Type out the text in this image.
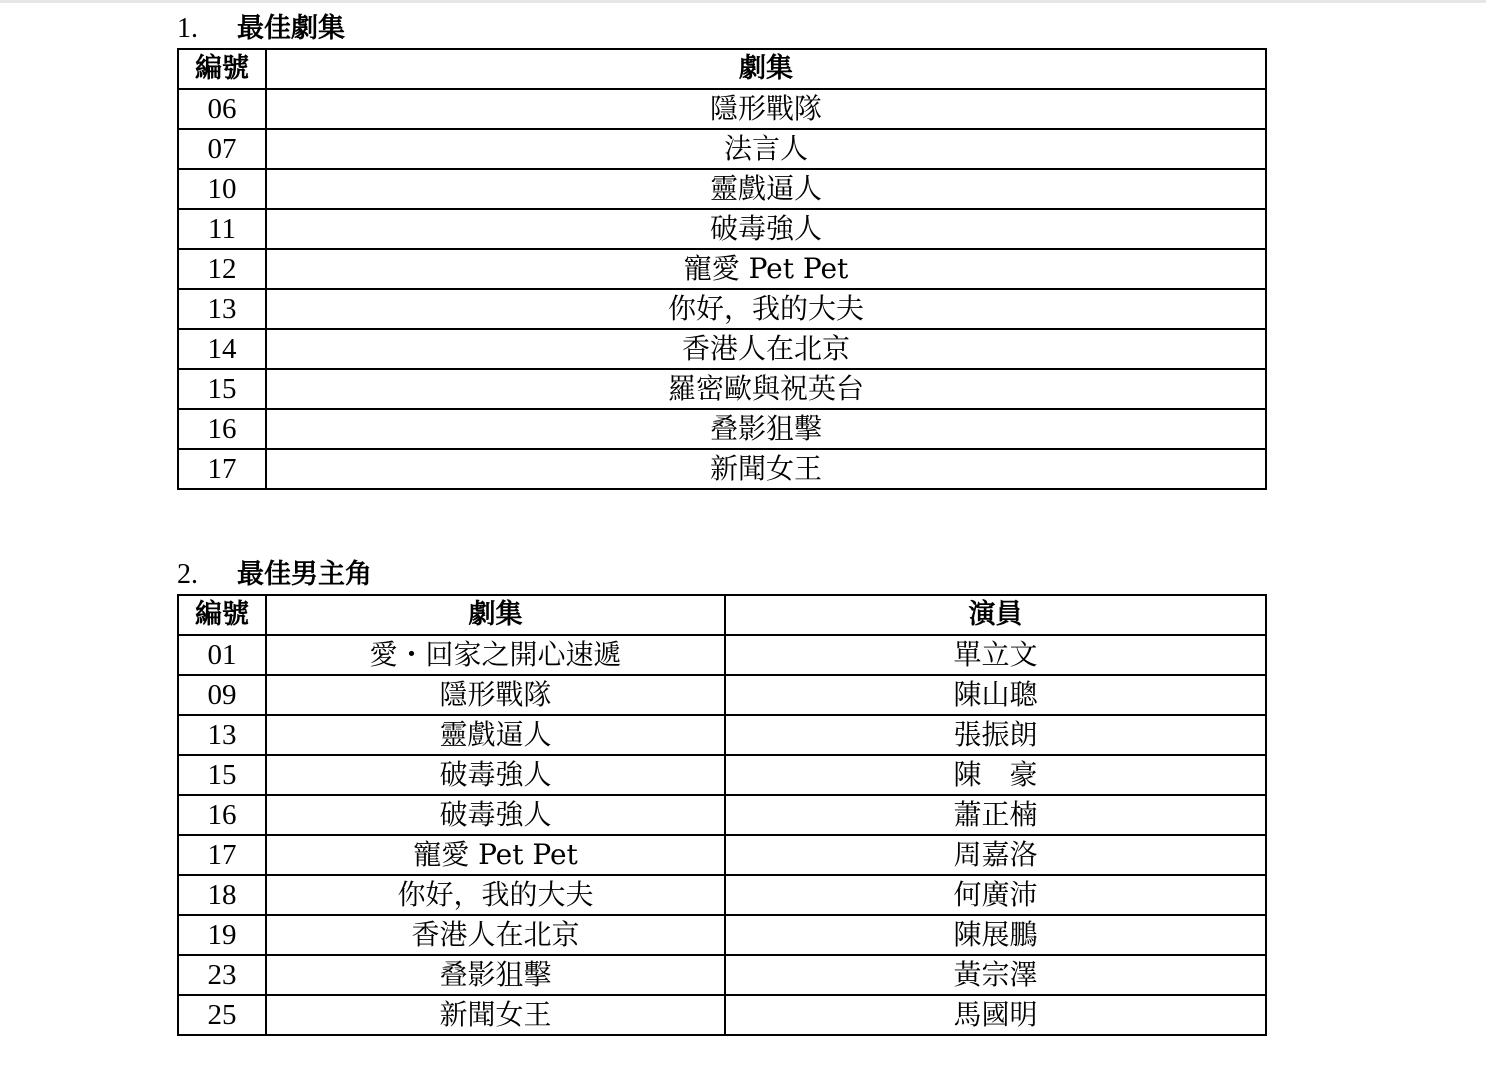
1. 最佳劇集
編號	劇集
06	隱形戰隊
07	法言人
10	靈戲逼人
11	破毒強人
12	寵愛 Pet Pet
13	你好，我的大夫
14	香港人在北京
15	羅密歐與祝英台
16	叠影狙擊
17	新聞女王
2. 最佳男主角
編號	劇集	演員
01	愛・回家之開心速遞	單立文
09	隱形戰隊	陳山聰
13	靈戲逼人	張振朗
15	破毒強人	陳　豪
16	破毒強人	蕭正楠
17	寵愛 Pet Pet	周嘉洛
18	你好，我的大夫	何廣沛
19	香港人在北京	陳展鵬
23	叠影狙擊	黃宗澤
25	新聞女王	馬國明
